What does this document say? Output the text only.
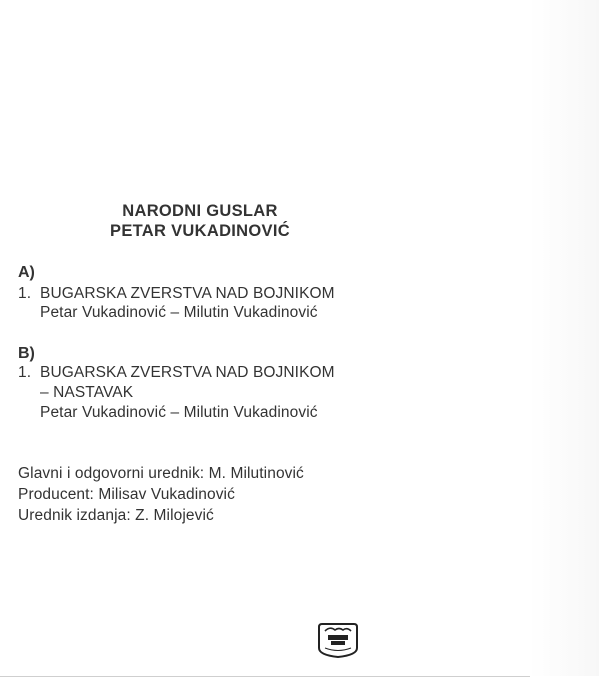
NARODNI GUSLAR
PETAR VUKADINOVIĆ
A)
1. BUGARSKA ZVERSTVA NAD BOJNIKOM
Petar Vukadinović – Milutin Vukadinović
B)
1. BUGARSKA ZVERSTVA NAD BOJNIKOM
– NASTAVAK
Petar Vukadinović – Milutin Vukadinović
Glavni i odgovorni urednik: M. Milutinović
Producent: Milisav Vukadinović
Urednik izdanja: Z. Milojević
